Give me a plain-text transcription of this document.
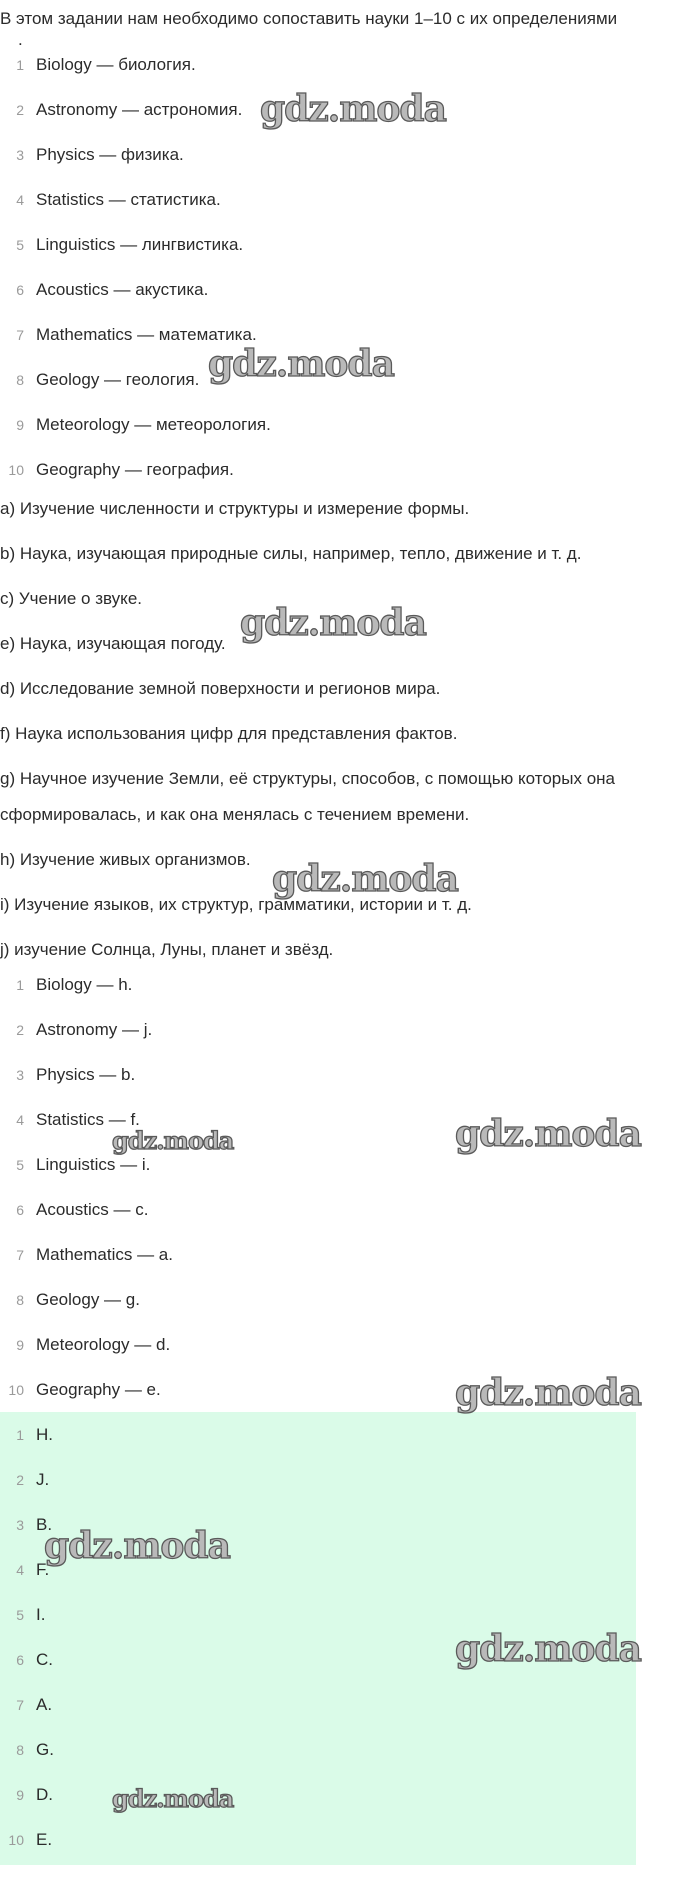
В этом задании нам необходимо сопоставить науки 1–10 с их определениями
.
1 Biology — биология.
2 Astronomy — астрономия.
3 Physics — физика.
4 Statistics — статистика.
5 Linguistics — лингвистика.
6 Acoustics — акустика.
7 Mathematics — математика.
8 Geology — геология.
9 Meteorology — метеорология.
10 Geography — география.
a) Изучение численности и структуры и измерение формы.
b) Наука, изучающая природные силы, например, тепло, движение и т. д.
c) Учение о звуке.
e) Наука, изучающая погоду.
d) Исследование земной поверхности и регионов мира.
f) Наука использования цифр для представления фактов.
g) Научное изучение Земли, её структуры, способов, с помощью которых она
сформировалась, и как она менялась с течением времени.
h) Изучение живых организмов.
i) Изучение языков, их структур, грамматики, истории и т. д.
j) изучение Солнца, Луны, планет и звёзд.
1 Biology — h.
2 Astronomy — j.
3 Physics — b.
4 Statistics — f.
5 Linguistics — i.
6 Acoustics — c.
7 Mathematics — a.
8 Geology — g.
9 Meteorology — d.
10 Geography — e.
1 H.
2 J.
3 B.
4 F.
5 I.
6 C.
7 A.
8 G.
9 D.
10 E.
gdz.moda
gdz.moda
gdz.moda
gdz.moda
gdz.moda	gdz.moda
gdz.moda
gdz.moda
gdz.moda
gdz.moda
